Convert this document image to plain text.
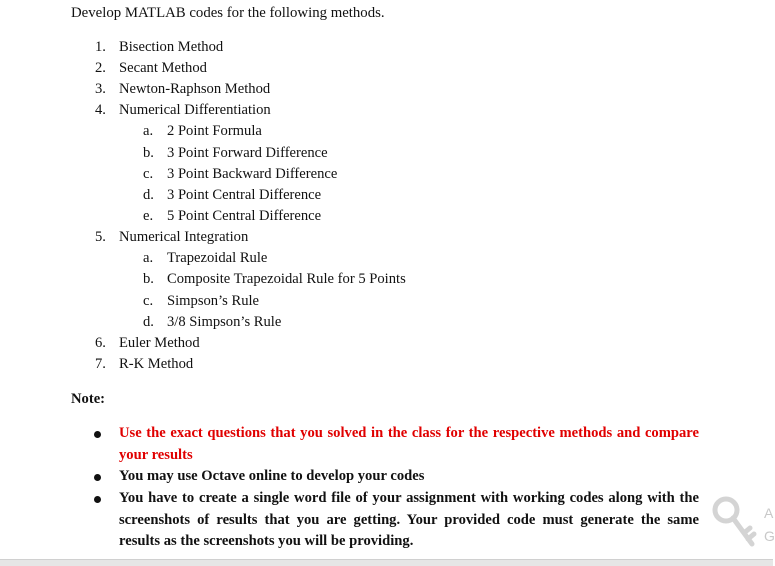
Develop MATLAB codes for the following methods.

1. Bisection Method
2. Secant Method
3. Newton-Raphson Method
4. Numerical Differentiation
a. 2 Point Formula
b. 3 Point Forward Difference
c. 3 Point Backward Difference
d. 3 Point Central Difference
e. 5 Point Central Difference
5. Numerical Integration
a. Trapezoidal Rule
b. Composite Trapezoidal Rule for 5 Points
c. Simpson’s Rule
d. 3/8 Simpson’s Rule
6. Euler Method
7. R-K Method
Note:

Use the exact questions that you solved in the class for the respective methods and compare your results

You may use Octave online to develop your codes

You have to create a single word file of your assignment with working codes along with the screenshots of results that you are getting. Your provided code must generate the same results as the screenshots you will be providing.

A
G
